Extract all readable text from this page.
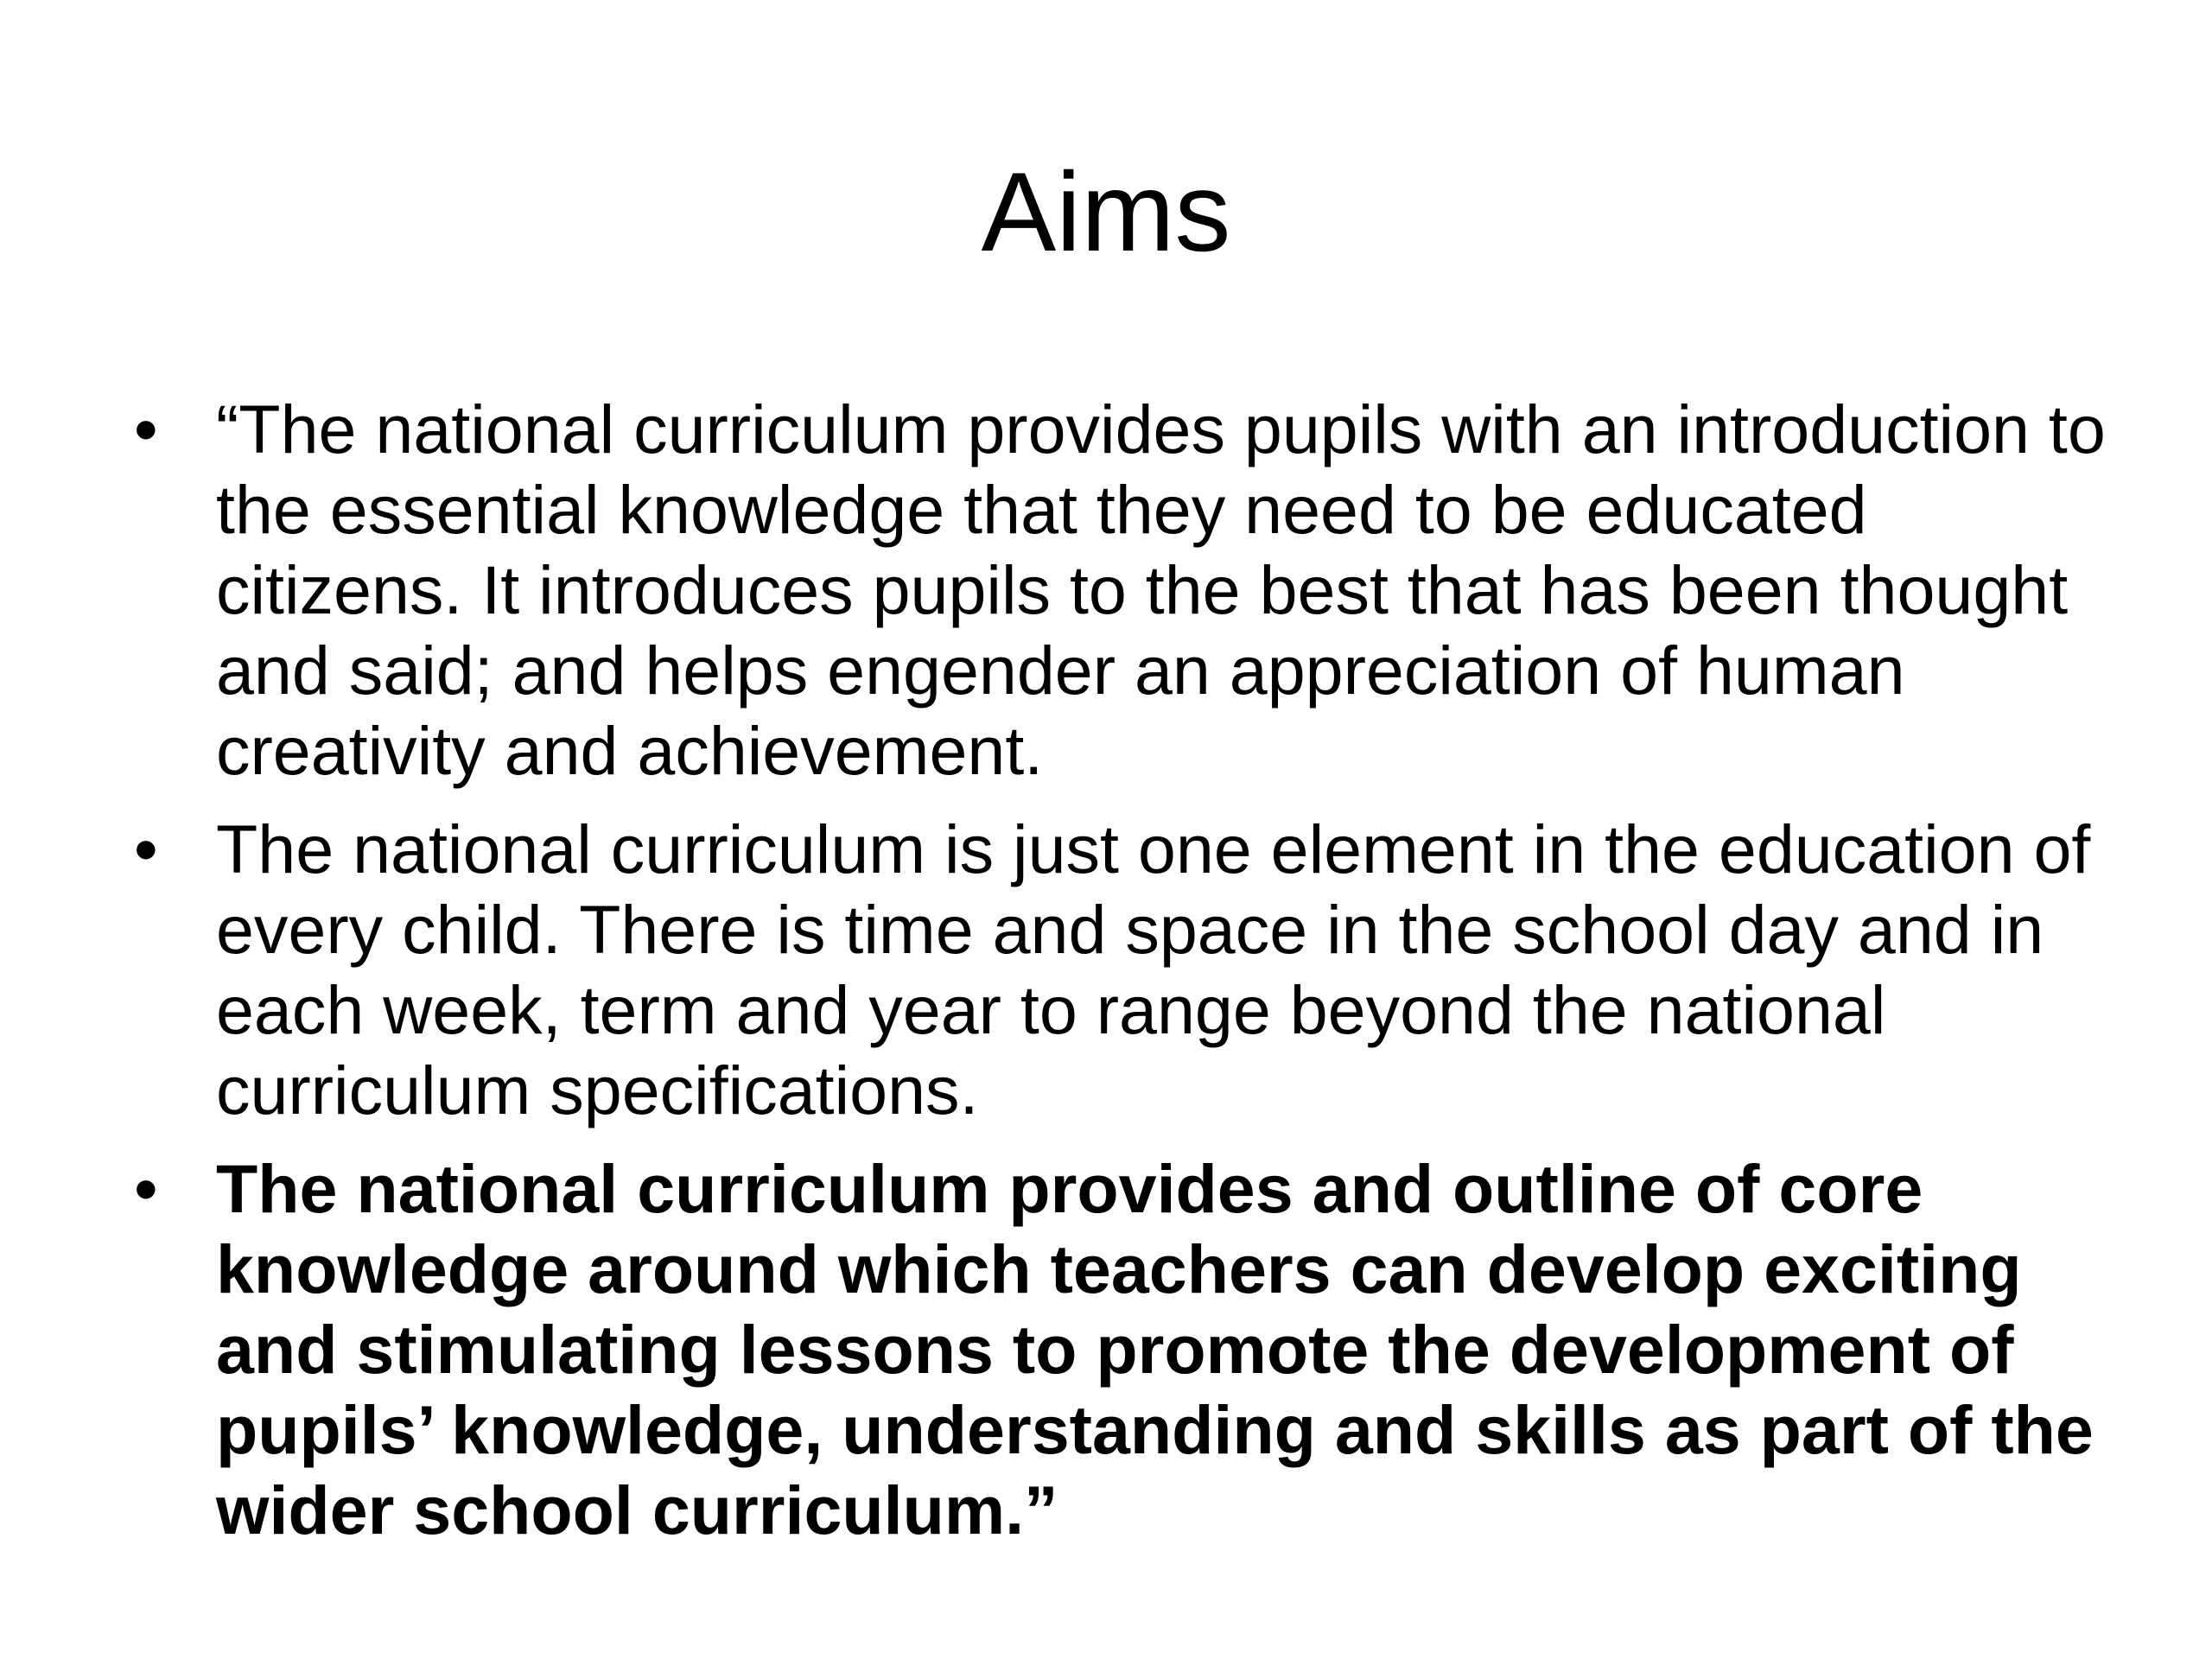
Aims
• “The national curriculum provides pupils with an introduction to the essential knowledge that they need to be educated citizens. It introduces pupils to the best that has been thought and said; and helps engender an appreciation of human creativity and achievement.
• The national curriculum is just one element in the education of every child. There is time and space in the school day and in each week, term and year to range beyond the national curriculum specifications.
• The national curriculum provides and outline of core knowledge around which teachers can develop exciting and stimulating lessons to promote the development of pupils’ knowledge, understanding and skills as part of the wider school curriculum.”
